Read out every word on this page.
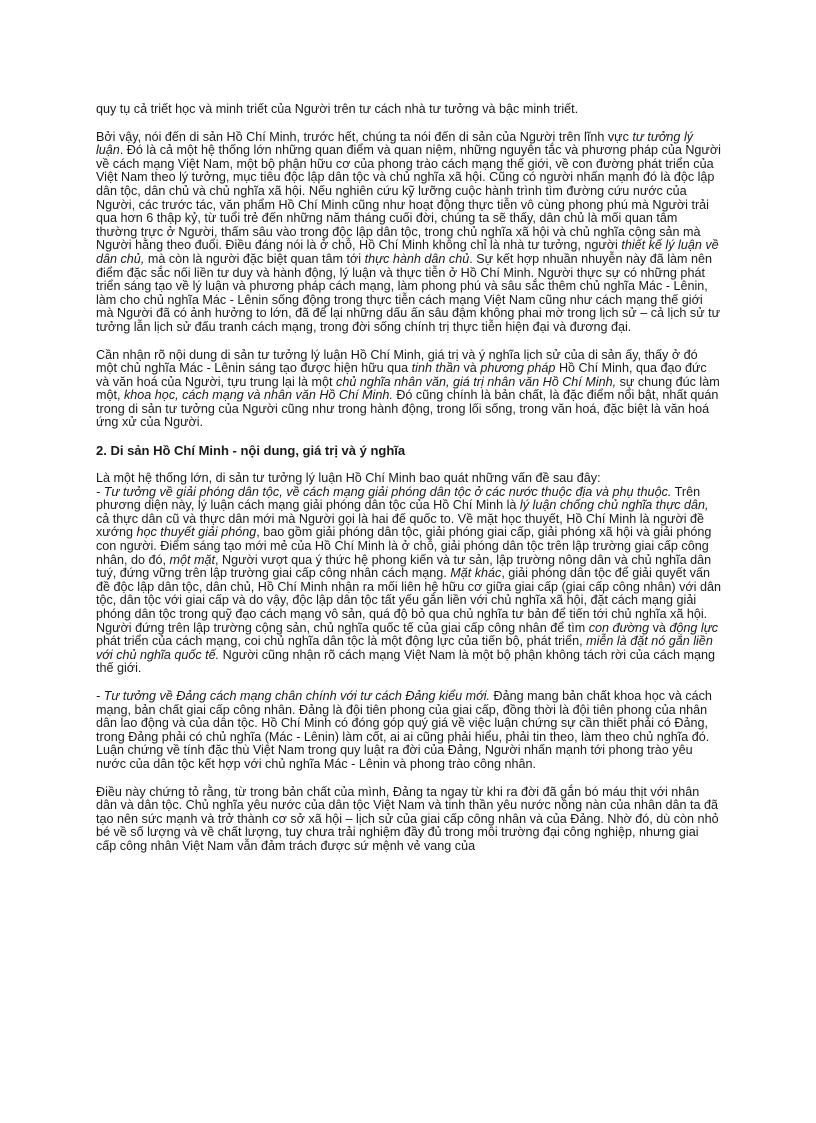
quy tụ cả triết học và minh triết của Người trên tư cách nhà tư tưởng và bậc minh triết.

Bởi vậy, nói đến di sản Hồ Chí Minh, trước hết, chúng ta nói đến di sản của Người trên lĩnh vực tư tưởng lý luận. Đó là cả một hệ thống lớn những quan điểm và quan niệm, những nguyên tắc và phương pháp của Người về cách mạng Việt Nam, một bộ phận hữu cơ của phong trào cách mạng thế giới, về con đường phát triển của Việt Nam theo lý tưởng, mục tiêu độc lập dân tộc và chủ nghĩa xã hội. Cũng có người nhấn mạnh đó là độc lập dân tộc, dân chủ và chủ nghĩa xã hội. Nếu nghiên cứu kỹ lưỡng cuộc hành trình tìm đường cứu nước của Người, các trước tác, văn phẩm Hồ Chí Minh cũng như hoạt động thực tiễn vô cùng phong phú mà Người trải qua hơn 6 thập kỷ, từ tuổi trẻ đến những năm tháng cuối đời, chúng ta sẽ thấy, dân chủ là mối quan tâm thường trực ở Người, thấm sâu vào trong độc lập dân tộc, trong chủ nghĩa xã hội và chủ nghĩa cộng sản mà Người hằng theo đuổi. Điều đáng nói là ở chỗ, Hồ Chí Minh không chỉ là nhà tư tưởng, người thiết kế lý luận về dân chủ, mà còn là người đặc biệt quan tâm tới thực hành dân chủ. Sự kết hợp nhuần nhuyễn này đã làm nên điểm đặc sắc nối liền tư duy và hành động, lý luận và thực tiễn ở Hồ Chí Minh. Người thực sự có những phát triển sáng tạo về lý luận và phương pháp cách mạng, làm phong phú và sâu sắc thêm chủ nghĩa Mác - Lênin, làm cho chủ nghĩa Mác - Lênin sống động trong thực tiễn cách mạng Việt Nam cũng như cách mạng thế giới mà Người đã có ảnh hưởng to lớn, đã để lại những dấu ấn sâu đậm không phai mờ trong lịch sử – cả lịch sử tư tưởng lẫn lịch sử đấu tranh cách mạng, trong đời sống chính trị thực tiễn hiện đại và đương đại.

Cần nhận rõ nội dung di sản tư tưởng lý luận Hồ Chí Minh, giá trị và ý nghĩa lịch sử của di sản ấy, thấy ở đó một chủ nghĩa Mác - Lênin sáng tạo được hiện hữu qua tinh thần và phương pháp Hồ Chí Minh, qua đạo đức và văn hoá của Người, tựu trung lại là một chủ nghĩa nhân văn, giá trị nhân văn Hồ Chí Minh, sự chung đúc làm một, khoa học, cách mạng và nhân văn Hồ Chí Minh. Đó cũng chính là bản chất, là đặc điểm nổi bật, nhất quán trong di sản tư tưởng của Người cũng như trong hành động, trong lối sống, trong văn hoá, đặc biệt là văn hoá ứng xử của Người.

2. Di sản Hồ Chí Minh - nội dung, giá trị và ý nghĩa

Là một hệ thống lớn, di sản tư tưởng lý luận Hồ Chí Minh bao quát những vấn đề sau đây:

- Tư tưởng về giải phóng dân tộc, về cách mạng giải phóng dân tộc ở các nước thuộc địa và phụ thuộc. Trên phương diện này, lý luận cách mạng giải phóng dân tộc của Hồ Chí Minh là lý luận chống chủ nghĩa thực dân, cả thực dân cũ và thực dân mới mà Người gọi là hai đế quốc to. Về mặt học thuyết, Hồ Chí Minh là người đề xướng học thuyết giải phóng, bao gồm giải phóng dân tộc, giải phóng giai cấp, giải phóng xã hội và giải phóng con người. Điểm sáng tạo mới mẻ của Hồ Chí Minh là ở chỗ, giải phóng dân tộc trên lập trường giai cấp công nhân, do đó, một mặt, Người vượt qua ý thức hệ phong kiến và tư sản, lập trường nông dân và chủ nghĩa dân tuý, đứng vững trên lập trường giai cấp công nhân cách mạng. Mặt khác, giải phóng dân tộc để giải quyết vấn đề độc lập dân tộc, dân chủ, Hồ Chí Minh nhận ra mối liên hệ hữu cơ giữa giai cấp (giai cấp công nhân) với dân tộc, dân tộc với giai cấp và do vậy, độc lập dân tộc tất yếu gắn liền với chủ nghĩa xã hội, đặt cách mạng giải phóng dân tộc trong quỹ đạo cách mạng vô sản, quá độ bỏ qua chủ nghĩa tư bản để tiến tới chủ nghĩa xã hội. Người đứng trên lập trường cộng sản, chủ nghĩa quốc tế của giai cấp công nhân để tìm con đường và động lực phát triển của cách mạng, coi chủ nghĩa dân tộc là một động lực của tiến bộ, phát triển, miễn là đặt nó gắn liền với chủ nghĩa quốc tế. Người cũng nhận rõ cách mạng Việt Nam là một bộ phận không tách rời của cách mạng thế giới.

- Tư tưởng về Đảng cách mạng chân chính với tư cách Đảng kiểu mới. Đảng mang bản chất khoa học và cách mạng, bản chất giai cấp công nhân. Đảng là đội tiên phong của giai cấp, đồng thời là đội tiên phong của nhân dân lao động và của dân tộc. Hồ Chí Minh có đóng góp quý giá về việc luận chứng sự cần thiết phải có Đảng, trong Đảng phải có chủ nghĩa (Mác - Lênin) làm cốt, ai ai cũng phải hiểu, phải tin theo, làm theo chủ nghĩa đó. Luận chứng về tính đặc thù Việt Nam trong quy luật ra đời của Đảng, Người nhấn mạnh tới phong trào yêu nước của dân tộc kết hợp với chủ nghĩa Mác - Lênin và phong trào công nhân.

Điều này chứng tỏ rằng, từ trong bản chất của mình, Đảng ta ngay từ khi ra đời đã gắn bó máu thịt với nhân dân và dân tộc. Chủ nghĩa yêu nước của dân tộc Việt Nam và tinh thần yêu nước nồng nàn của nhân dân ta đã tạo nên sức mạnh và trở thành cơ sở xã hội – lịch sử của giai cấp công nhân và của Đảng. Nhờ đó, dù còn nhỏ bé về số lượng và về chất lượng, tuy chưa trải nghiệm đầy đủ trong môi trường đại công nghiệp, nhưng giai cấp công nhân Việt Nam vẫn đảm trách được sứ mệnh vẻ vang của
